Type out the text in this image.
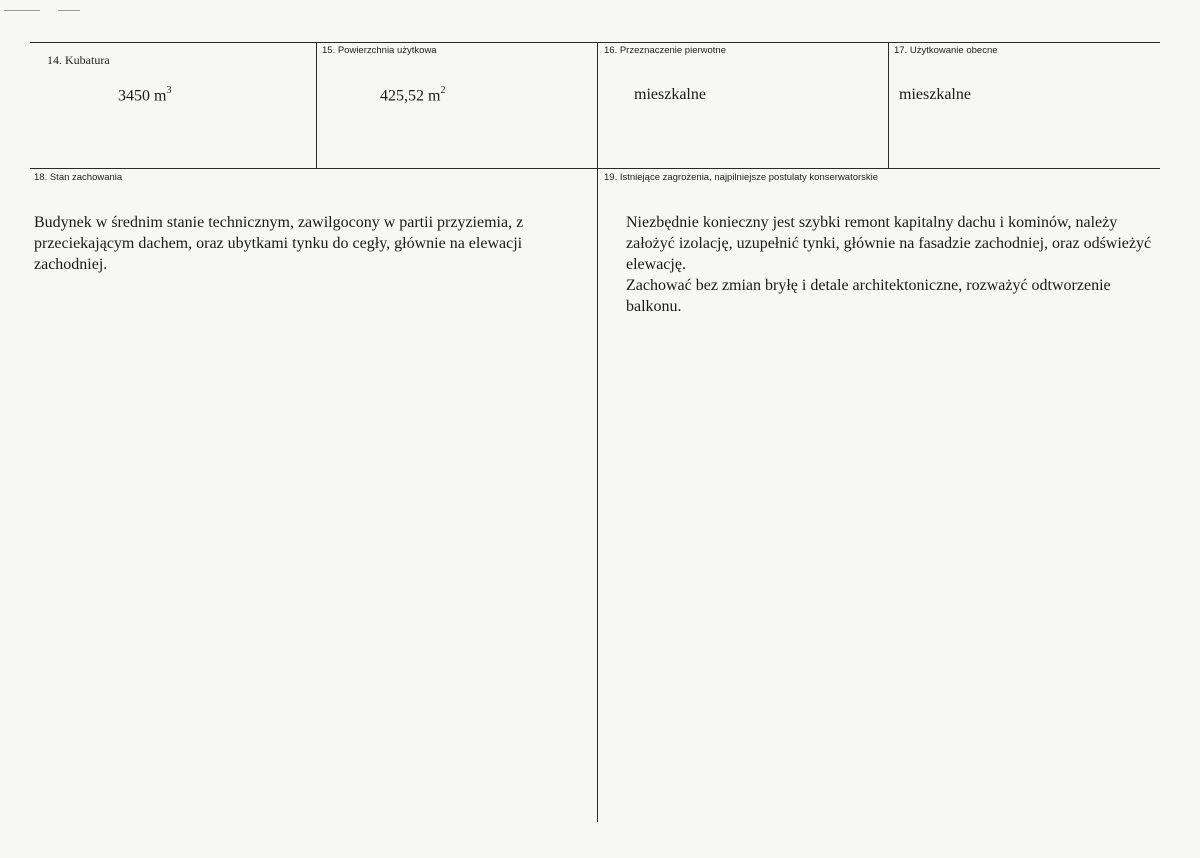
14. Kubatura
3450 $m^3$
15. Powierzchnia użytkowa
425,52 $m^2$
16. Przeznaczenie pierwotne
mieszkalne
17. Użytkowanie obecne
mieszkalne
18. Stan zachowania

Budynek w średnim stanie technicznym, zawilgocony w partii przyziemia, z przeciekającym dachem, oraz ubytkami tynku do cegły, głównie na elewacji zachodniej.

19. Istniejące zagrożenia, najpilniejsze postulaty konserwatorskie

Niezbędnie konieczny jest szybki remont kapitalny dachu i kominów, należy założyć izolację, uzupełnić tynki, głównie na fasadzie zachodniej, oraz odświeżyć elewację.

Zachować bez zmian bryłę i detale architektoniczne, rozważyć odtworzenie balkonu.
